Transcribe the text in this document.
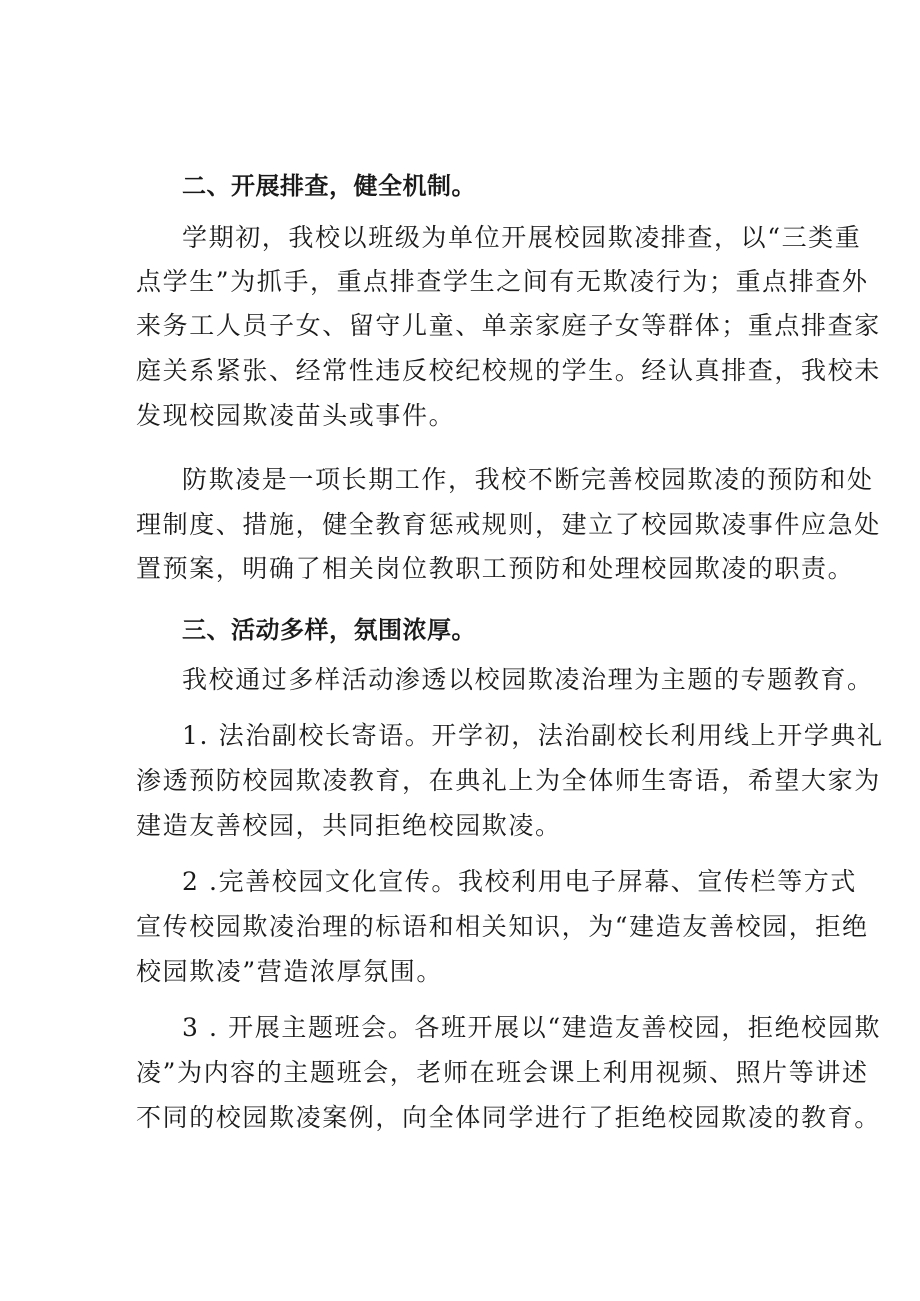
二、开展排查，健全机制。
学期初，我校以班级为单位开展校园欺凌排查，以“三类重
点学生”为抓手，重点排查学生之间有无欺凌行为；重点排查外
来务工人员子女、留守儿童、单亲家庭子女等群体；重点排查家
庭关系紧张、经常性违反校纪校规的学生。经认真排查，我校未
发现校园欺凌苗头或事件。
防欺凌是一项长期工作，我校不断完善校园欺凌的预防和处
理制度、措施，健全教育惩戒规则，建立了校园欺凌事件应急处
置预案，明确了相关岗位教职工预防和处理校园欺凌的职责。
三、活动多样，氛围浓厚。
我校通过多样活动渗透以校园欺凌治理为主题的专题教育。
1. 法治副校长寄语。开学初，法治副校长利用线上开学典礼
渗透预防校园欺凌教育，在典礼上为全体师生寄语，希望大家为
建造友善校园，共同拒绝校园欺凌。
2 .完善校园文化宣传。我校利用电子屏幕、宣传栏等方式
宣传校园欺凌治理的标语和相关知识，为“建造友善校园，拒绝
校园欺凌”营造浓厚氛围。
3 . 开展主题班会。各班开展以“建造友善校园，拒绝校园欺
凌”为内容的主题班会，老师在班会课上利用视频、照片等讲述
不同的校园欺凌案例，向全体同学进行了拒绝校园欺凌的教育。
